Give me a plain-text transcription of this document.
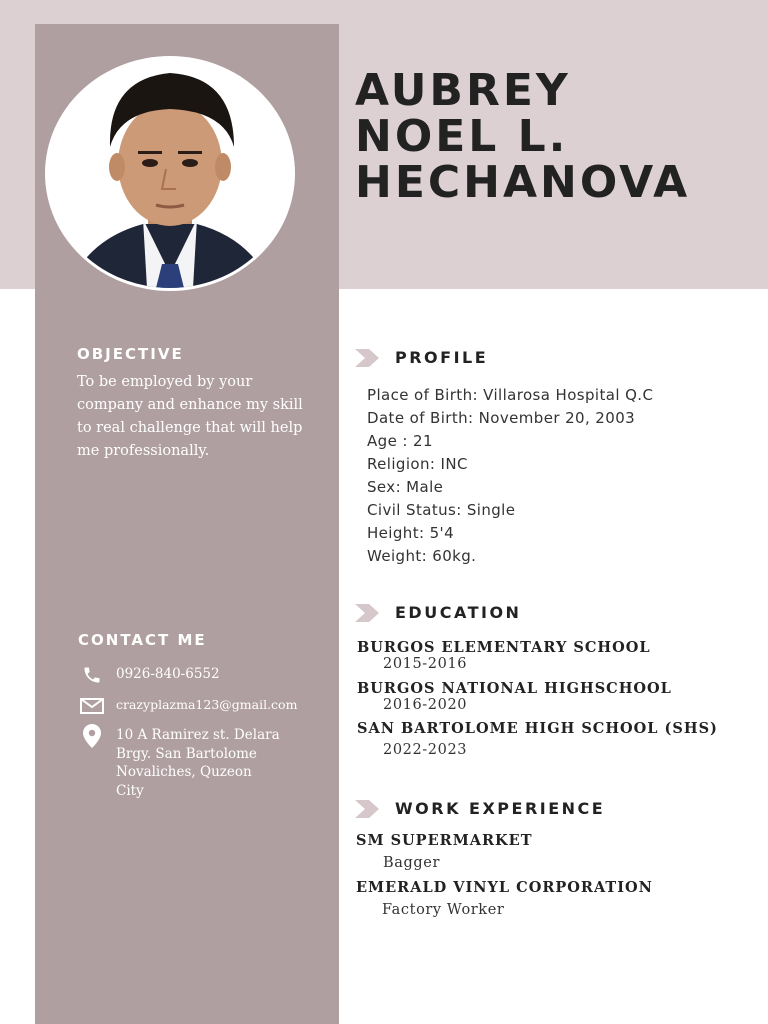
AUBREY
NOEL L.
HECHANOVA
OBJECTIVE
To be employed by your company and enhance my skill to real challenge that will help me professionally.
CONTACT ME
0926-840-6552
crazyplazma123@gmail.com
10 A Ramirez st. Delara Brgy. San Bartolome Novaliches, Quzeon City
PROFILE
Place of Birth: Villarosa Hospital Q.C
Date of Birth: November 20, 2003
Age : 21
Religion: INC
Sex: Male
Civil Status: Single
Height: 5'4
Weight: 60kg.
EDUCATION
BURGOS ELEMENTARY SCHOOL
2015-2016
BURGOS NATIONAL HIGHSCHOOL
2016-2020
SAN BARTOLOME HIGH SCHOOL (SHS)
2022-2023
WORK EXPERIENCE
SM SUPERMARKET
Bagger
EMERALD VINYL CORPORATION
Factory Worker
